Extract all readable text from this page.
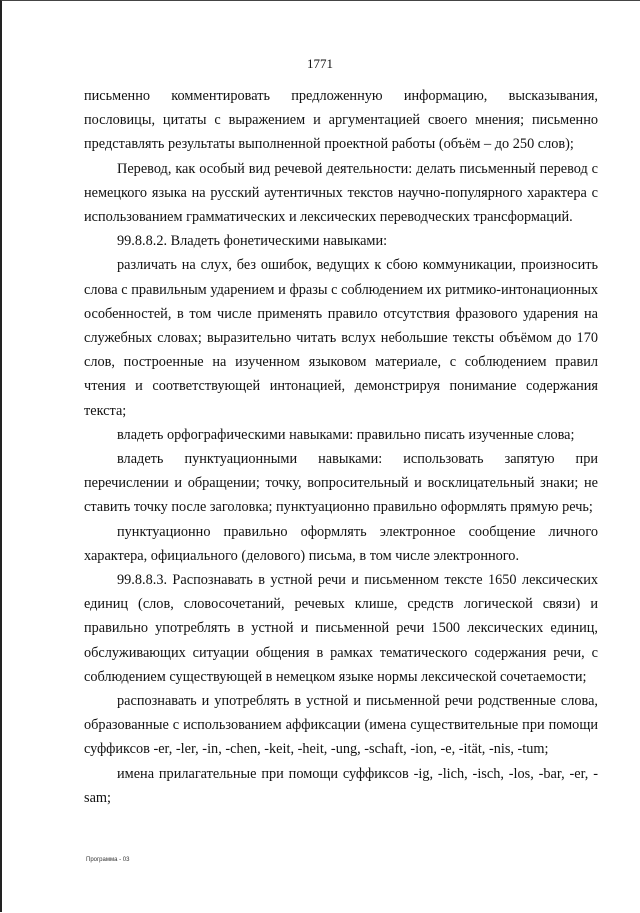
1771

письменно комментировать предложенную информацию, высказывания, пословицы, цитаты с выражением и аргументацией своего мнения; письменно представлять результаты выполненной проектной работы (объём – до 250 слов);

Перевод, как особый вид речевой деятельности: делать письменный перевод с немецкого языка на русский аутентичных текстов научно-популярного характера с использованием грамматических и лексических переводческих трансформаций.

99.8.8.2. Владеть фонетическими навыками:

различать на слух, без ошибок, ведущих к сбою коммуникации, произносить слова с правильным ударением и фразы с соблюдением их ритмико-интонационных особенностей, в том числе применять правило отсутствия фразового ударения на служебных словах; выразительно читать вслух небольшие тексты объёмом до 170 слов, построенные на изученном языковом материале, с соблюдением правил чтения и соответствующей интонацией, демонстрируя понимание содержания текста;

владеть орфографическими навыками: правильно писать изученные слова;

владеть пунктуационными навыками: использовать запятую при перечислении и обращении; точку, вопросительный и восклицательный знаки; не ставить точку после заголовка; пунктуационно правильно оформлять прямую речь;

пунктуационно правильно оформлять электронное сообщение личного характера, официального (делового) письма, в том числе электронного.

99.8.8.3. Распознавать в устной речи и письменном тексте 1650 лексических единиц (слов, словосочетаний, речевых клише, средств логической связи) и правильно употреблять в устной и письменной речи 1500 лексических единиц, обслуживающих ситуации общения в рамках тематического содержания речи, с соблюдением существующей в немецком языке нормы лексической сочетаемости;

распознавать и употреблять в устной и письменной речи родственные слова, образованные с использованием аффиксации (имена существительные при помощи суффиксов -er, -ler, -in, -chen, -keit, -heit, -ung, -schaft, -ion, -e, -ität, -nis, -tum;

имена прилагательные при помощи суффиксов -ig, -lich, -isch, -los, -bar, -er, -sam;

Программа - 03
